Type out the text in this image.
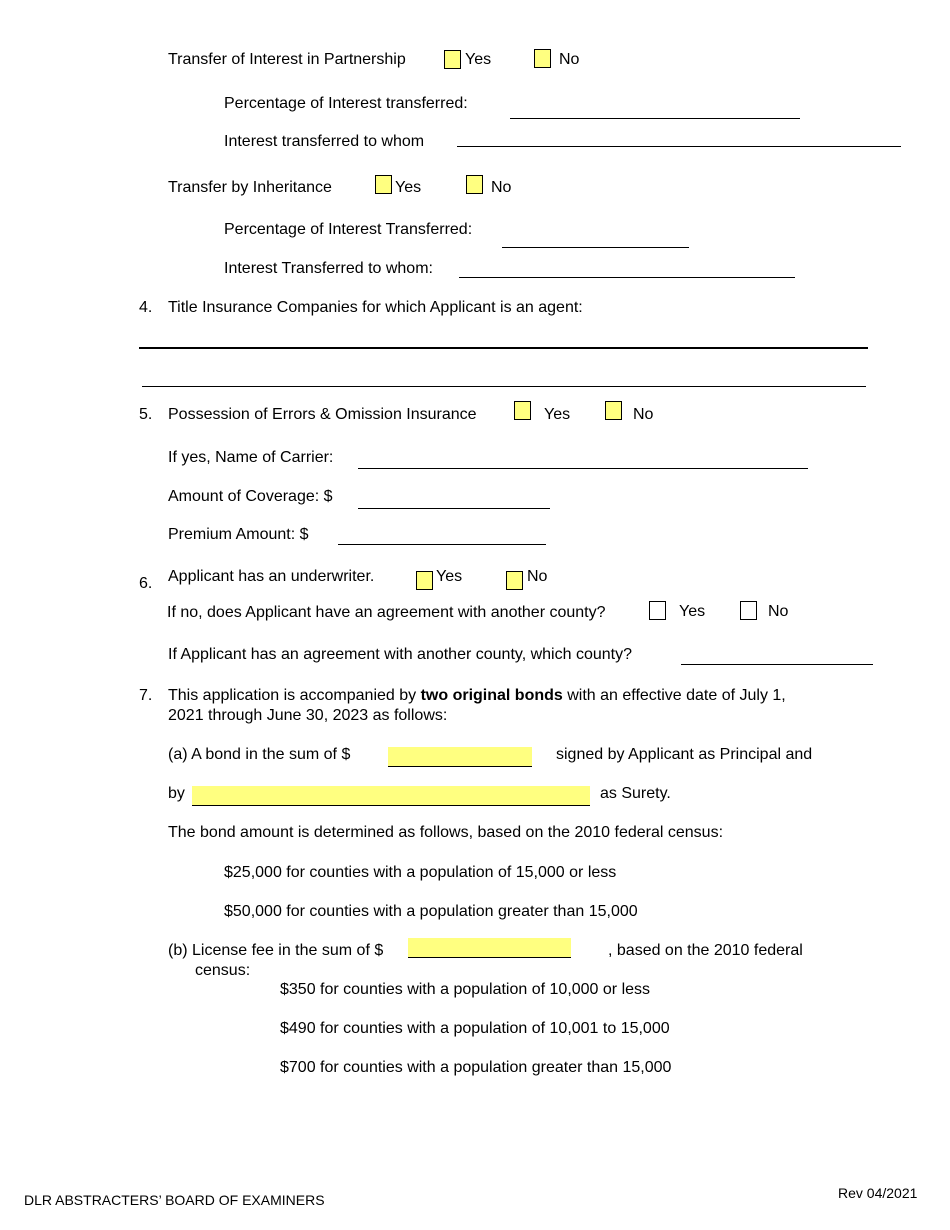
Transfer of Interest in Partnership	Yes	No
Percentage of Interest transferred:
Interest transferred to whom
Transfer by Inheritance	Yes	No
Percentage of Interest Transferred:
Interest Transferred to whom:
4. Title Insurance Companies for which Applicant is an agent:
5. Possession of Errors & Omission Insurance	Yes	No
If yes, Name of Carrier:
Amount of Coverage: $
Premium Amount: $
6. Applicant has an underwriter.	Yes	No
If no, does Applicant have an agreement with another county?	Yes	No
If Applicant has an agreement with another county, which county?
7. This application is accompanied by two original bonds with an effective date of July 1,
2021 through June 30, 2023 as follows:
(a) A bond in the sum of $	signed by Applicant as Principal and
by	as Surety.
The bond amount is determined as follows, based on the 2010 federal census:
$25,000 for counties with a population of 15,000 or less
$50,000 for counties with a population greater than 15,000
(b) License fee in the sum of $	, based on the 2010 federal
census:
$350 for counties with a population of 10,000 or less
$490 for counties with a population of 10,001 to 15,000
$700 for counties with a population greater than 15,000
DLR ABSTRACTERS’ BOARD OF EXAMINERS	Rev 04/2021
